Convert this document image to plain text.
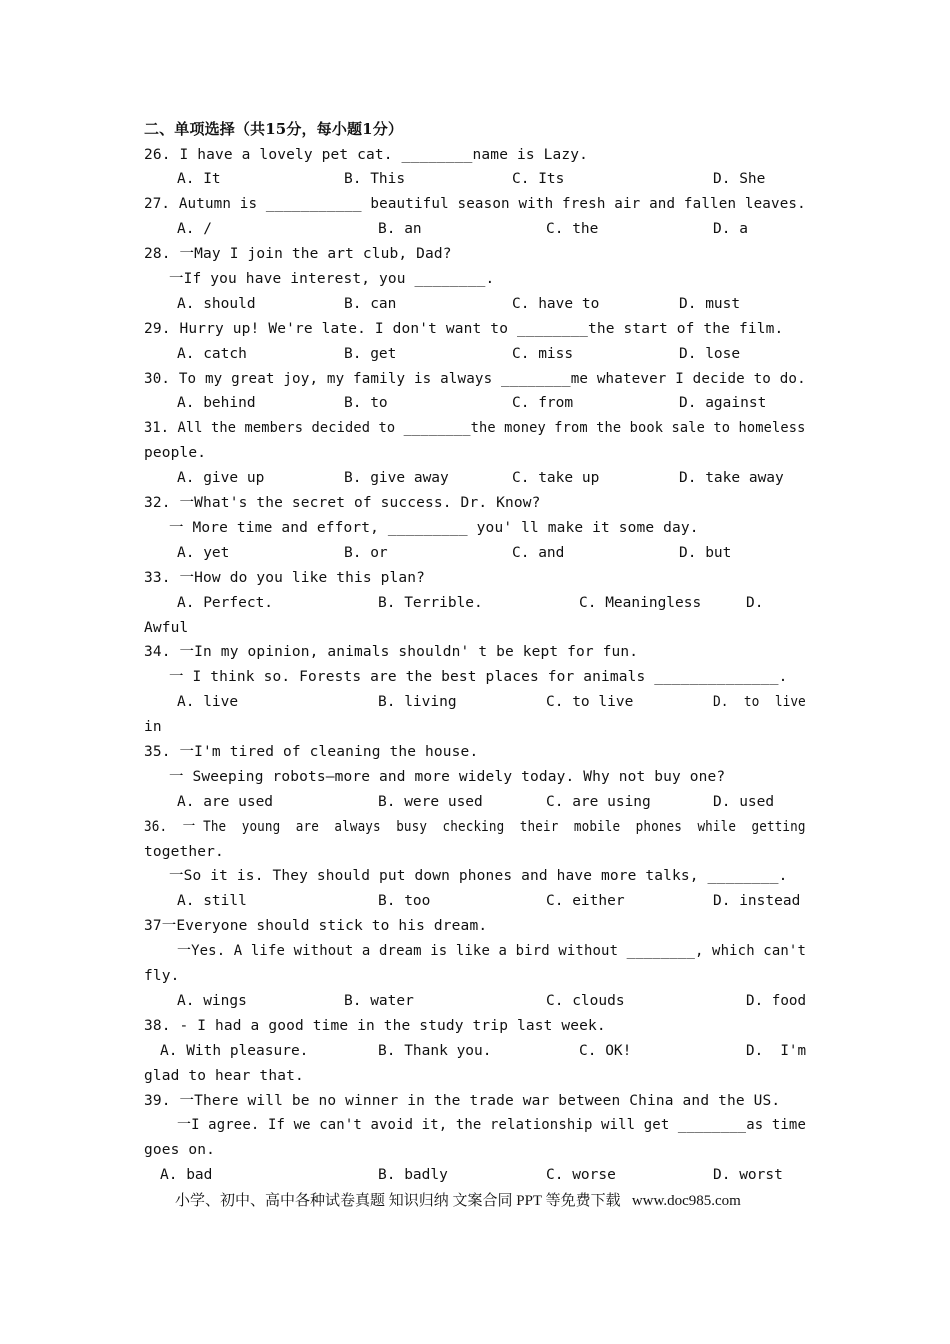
二、单项选择（共15分，每小题1分）
26. I have a lovely pet cat. ________name is Lazy.
A. It	B. This	C. Its	D. She
27. Autumn is ___________ beautiful season with fresh air and fallen leaves.
A. /	B. an	C. the	D. a
28. 一May I join the art club, Dad?
一If you have interest, you ________.
A. should	B. can	C. have to	D. must
29. Hurry up! We're late. I don't want to ________the start of the film.
A. catch	B. get	C. miss	D. lose
30. To my great joy, my family is always ________me whatever I decide to do.
A. behind	B. to	C. from	D. against
31. All the members decided to ________the money from the book sale to homeless
people.
A. give up	B. give away	C. take up	D. take away
32. 一What's the secret of success. Dr. Know?
一 More time and effort, _________ you' ll make it some day.
A. yet	B. or	C. and	D. but
33. 一How do you like this plan?
A. Perfect.	B. Terrible.	C. Meaningless	D.
Awful
34. 一In my opinion, animals shouldn' t be kept for fun.
一 I think so. Forests are the best places for animals ______________.
A. live	B. living	C. to live	D.  to  live
in
35. 一I'm tired of cleaning the house.
一 Sweeping robots—more and more widely today. Why not buy one?
A. are used	B. were used	C. are using	D. used
36.  一 The  young  are  always  busy  checking  their  mobile  phones  while  getting
together.
一So it is. They should put down phones and have more talks, ________.
A. still	B. too	C. either	D. instead
37一Everyone should stick to his dream.
一Yes. A life without a dream is like a bird without ________, which can't
fly.
A. wings	B. water	C. clouds	D. food
38. - I had a good time in the study trip last week.
A. With pleasure.	B. Thank you.	C. OK!	D.  I'm
glad to hear that.
39. 一There will be no winner in the trade war between China and the US.
一I agree. If we can't avoid it, the relationship will get ________as time
goes on.
A. bad	B. badly	C. worse	D. worst
小学、初中、高中各种试卷真题 知识归纳 文案合同 PPT 等免费下载   www.doc985.com
